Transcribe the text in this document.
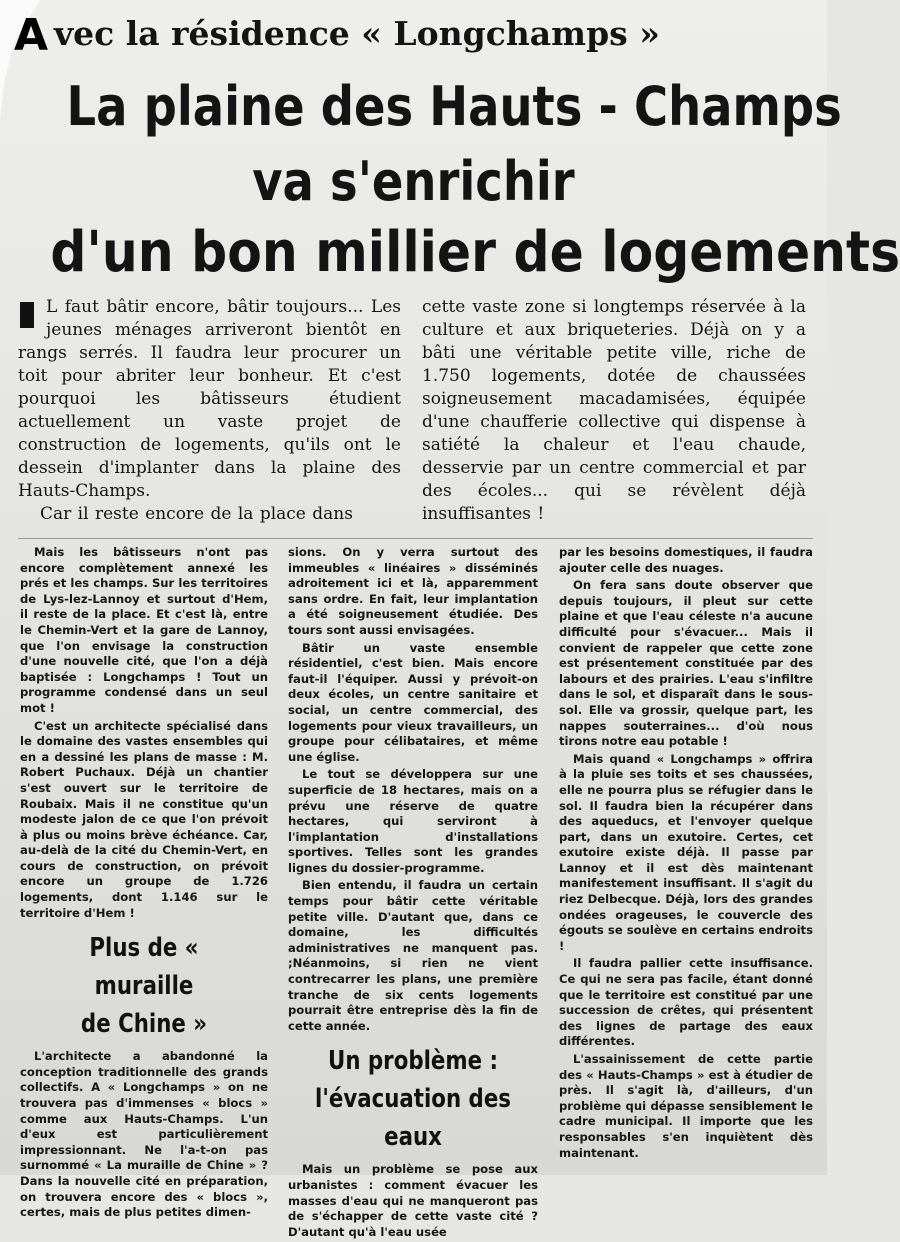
A vec la résidence « Longchamps »
La plaine des Hauts - Champs
va s'enrichir
d'un bon millier de logements

L faut bâtir encore, bâtir toujours... Les jeunes ménages arriveront bientôt en rangs serrés. Il faudra leur procurer un toit pour abriter leur bonheur. Et c'est pourquoi les bâtisseurs étudient actuellement un vaste projet de construction de logements, qu'ils ont le dessein d'implanter dans la plaine des Hauts-Champs.

Car il reste encore de la place dans

cette vaste zone si longtemps réservée à la culture et aux briqueteries. Déjà on y a bâti une véritable petite ville, riche de 1.750 logements, dotée de chaussées soigneusement macadamisées, équipée d'une chaufferie collective qui dispense à satiété la chaleur et l'eau chaude, desservie par un centre commercial et par des écoles... qui se révèlent déjà insuffisantes !

Mais les bâtisseurs n'ont pas encore complètement annexé les prés et les champs. Sur les territoires de Lys-lez-Lannoy et surtout d'Hem, il reste de la place. Et c'est là, entre le Chemin-Vert et la gare de Lannoy, que l'on envisage la construction d'une nouvelle cité, que l'on a déjà baptisée : Longchamps ! Tout un programme condensé dans un seul mot !

C'est un architecte spécialisé dans le domaine des vastes ensembles qui en a dessiné les plans de masse : M. Robert Puchaux. Déjà un chantier s'est ouvert sur le territoire de Roubaix. Mais il ne constitue qu'un modeste jalon de ce que l'on prévoit à plus ou moins brève échéance. Car, au-delà de la cité du Chemin-Vert, en cours de construction, on prévoit encore un groupe de 1.726 logements, dont 1.146 sur le territoire d'Hem !

Plus de « muraille
de Chine »

L'architecte a abandonné la conception traditionnelle des grands collectifs. A « Longchamps » on ne trouvera pas d'immenses « blocs » comme aux Hauts-Champs. L'un d'eux est particulièrement impressionnant. Ne l'a-t-on pas surnommé « La muraille de Chine » ? Dans la nouvelle cité en préparation, on trouvera encore des « blocs », certes, mais de plus petites dimen-

sions. On y verra surtout des immeubles « linéaires » disséminés adroitement ici et là, apparemment sans ordre. En fait, leur implantation a été soigneusement étudiée. Des tours sont aussi envisagées.

Bâtir un vaste ensemble résidentiel, c'est bien. Mais encore faut-il l'équiper. Aussi y prévoit-on deux écoles, un centre sanitaire et social, un centre commercial, des logements pour vieux travailleurs, un groupe pour célibataires, et même une église.

Le tout se développera sur une superficie de 18 hectares, mais on a prévu une réserve de quatre hectares, qui serviront à l'implantation d'installations sportives. Telles sont les grandes lignes du dossier-programme.

Bien entendu, il faudra un certain temps pour bâtir cette véritable petite ville. D'autant que, dans ce domaine, les difficultés administratives ne manquent pas. ;Néanmoins, si rien ne vient contrecarrer les plans, une première tranche de six cents logements pourrait être entreprise dès la fin de cette année.

Un problème :
l'évacuation des eaux

Mais un problème se pose aux urbanistes : comment évacuer les masses d'eau qui ne manqueront pas de s'échapper de cette vaste cité ? D'autant qu'à l'eau usée

par les besoins domestiques, il faudra ajouter celle des nuages.

On fera sans doute observer que depuis toujours, il pleut sur cette plaine et que l'eau céleste n'a aucune difficulté pour s'évacuer... Mais il convient de rappeler que cette zone est présentement constituée par des labours et des prairies. L'eau s'infiltre dans le sol, et disparaît dans le sous-sol. Elle va grossir, quelque part, les nappes souterraines... d'où nous tirons notre eau potable !

Mais quand « Longchamps » offrira à la pluie ses toits et ses chaussées, elle ne pourra plus se réfugier dans le sol. Il faudra bien la récupérer dans des aqueducs, et l'envoyer quelque part, dans un exutoire. Certes, cet exutoire existe déjà. Il passe par Lannoy et il est dès maintenant manifestement insuffisant. Il s'agit du riez Delbecque. Déjà, lors des grandes ondées orageuses, le couvercle des égouts se soulève en certains endroits !

Il faudra pallier cette insuffisance. Ce qui ne sera pas facile, étant donné que le territoire est constitué par une succession de crêtes, qui présentent des lignes de partage des eaux différentes.

L'assainissement de cette partie des « Hauts-Champs » est à étudier de près. Il s'agit là, d'ailleurs, d'un problème qui dépasse sensiblement le cadre municipal. Il importe que les responsables s'en inquiètent dès maintenant.
